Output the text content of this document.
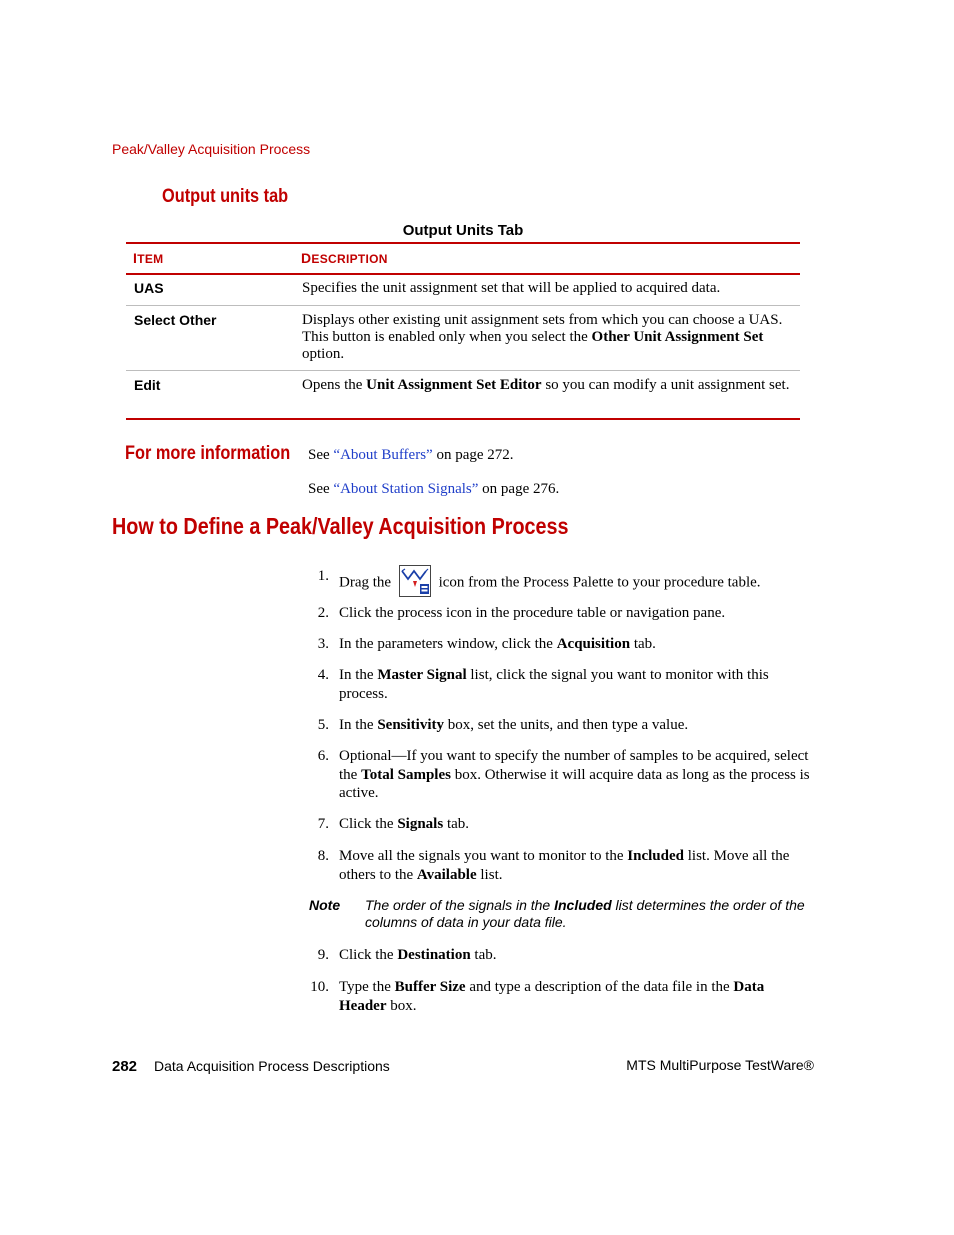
Peak/Valley Acquisition Process
Output units tab
Output Units Tab
ITEM	DESCRIPTION
UAS	Specifies the unit assignment set that will be applied to acquired data.
Select Other	Displays other existing unit assignment sets from which you can choose a UAS. This button is enabled only when you select the Other Unit Assignment Set option.
Edit	Opens the Unit Assignment Set Editor so you can modify a unit assignment set.
For more information See “About Buffers” on page 272.
See “About Station Signals” on page 276.
How to Define a Peak/Valley Acquisition Process
1. Drag the	icon from the Process Palette to your procedure table.
2. Click the process icon in the procedure table or navigation pane.
3. In the parameters window, click the Acquisition tab.
4. In the Master Signal list, click the signal you want to monitor with this process.
5. In the Sensitivity box, set the units, and then type a value.
6. Optional—If you want to specify the number of samples to be acquired, select the Total Samples box. Otherwise it will acquire data as long as the process is active.
7. Click the Signals tab.
8. Move all the signals you want to monitor to the Included list. Move all the others to the Available list.
Note The order of the signals in the Included list determines the order of the columns of data in your data file.
9. Click the Destination tab.
10. Type the Buffer Size and type a description of the data file in the Data Header box.
282 Data Acquisition Process Descriptions	MTS MultiPurpose TestWare®
